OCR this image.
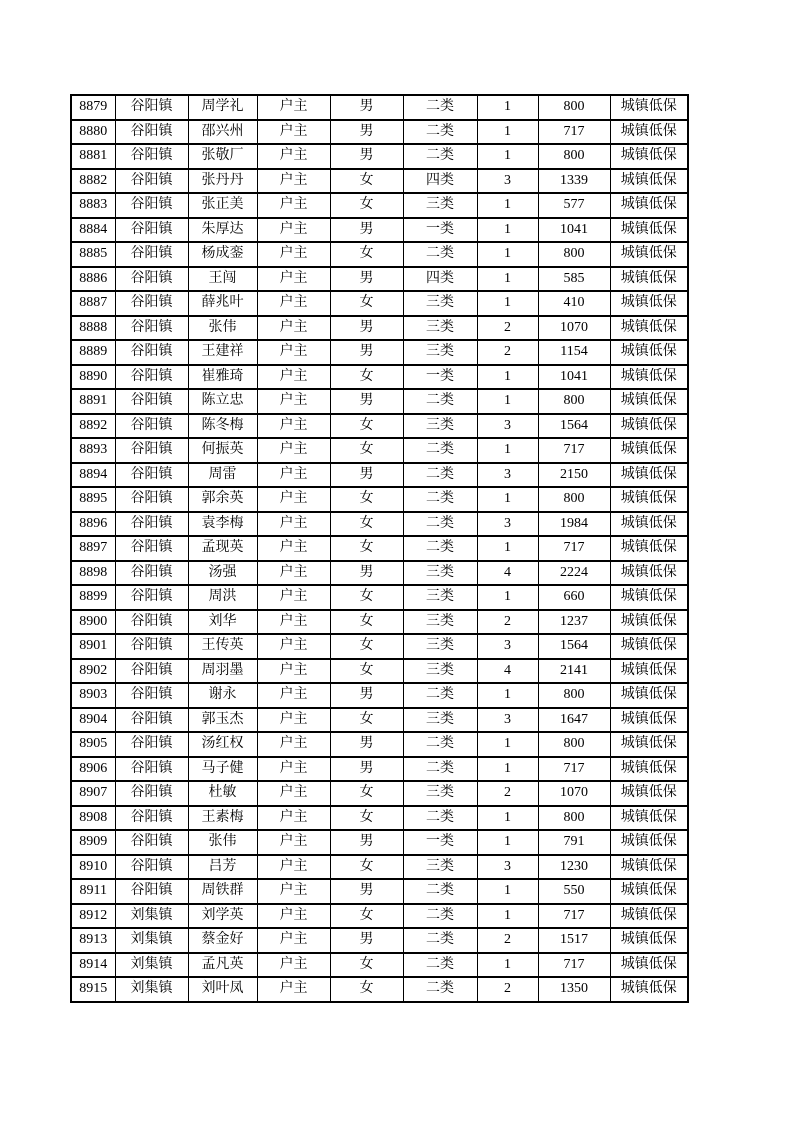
8879	谷阳镇	周学礼	户主	男	二类	1	800	城镇低保
8880	谷阳镇	邵兴州	户主	男	二类	1	717	城镇低保
8881	谷阳镇	张敬厂	户主	男	二类	1	800	城镇低保
8882	谷阳镇	张丹丹	户主	女	四类	3	1339	城镇低保
8883	谷阳镇	张正美	户主	女	三类	1	577	城镇低保
8884	谷阳镇	朱厚达	户主	男	一类	1	1041	城镇低保
8885	谷阳镇	杨成銮	户主	女	二类	1	800	城镇低保
8886	谷阳镇	王闯	户主	男	四类	1	585	城镇低保
8887	谷阳镇	薛兆叶	户主	女	三类	1	410	城镇低保
8888	谷阳镇	张伟	户主	男	三类	2	1070	城镇低保
8889	谷阳镇	王建祥	户主	男	三类	2	1154	城镇低保
8890	谷阳镇	崔雅琦	户主	女	一类	1	1041	城镇低保
8891	谷阳镇	陈立忠	户主	男	二类	1	800	城镇低保
8892	谷阳镇	陈冬梅	户主	女	三类	3	1564	城镇低保
8893	谷阳镇	何振英	户主	女	二类	1	717	城镇低保
8894	谷阳镇	周雷	户主	男	二类	3	2150	城镇低保
8895	谷阳镇	郭余英	户主	女	二类	1	800	城镇低保
8896	谷阳镇	袁李梅	户主	女	二类	3	1984	城镇低保
8897	谷阳镇	孟现英	户主	女	二类	1	717	城镇低保
8898	谷阳镇	汤强	户主	男	三类	4	2224	城镇低保
8899	谷阳镇	周洪	户主	女	三类	1	660	城镇低保
8900	谷阳镇	刘华	户主	女	三类	2	1237	城镇低保
8901	谷阳镇	王传英	户主	女	三类	3	1564	城镇低保
8902	谷阳镇	周羽墨	户主	女	三类	4	2141	城镇低保
8903	谷阳镇	谢永	户主	男	二类	1	800	城镇低保
8904	谷阳镇	郭玉杰	户主	女	三类	3	1647	城镇低保
8905	谷阳镇	汤红权	户主	男	二类	1	800	城镇低保
8906	谷阳镇	马子健	户主	男	二类	1	717	城镇低保
8907	谷阳镇	杜敏	户主	女	三类	2	1070	城镇低保
8908	谷阳镇	王素梅	户主	女	二类	1	800	城镇低保
8909	谷阳镇	张伟	户主	男	一类	1	791	城镇低保
8910	谷阳镇	吕芳	户主	女	三类	3	1230	城镇低保
8911	谷阳镇	周铁群	户主	男	二类	1	550	城镇低保
8912	刘集镇	刘学英	户主	女	二类	1	717	城镇低保
8913	刘集镇	蔡金好	户主	男	二类	2	1517	城镇低保
8914	刘集镇	孟凡英	户主	女	二类	1	717	城镇低保
8915	刘集镇	刘叶凤	户主	女	二类	2	1350	城镇低保
